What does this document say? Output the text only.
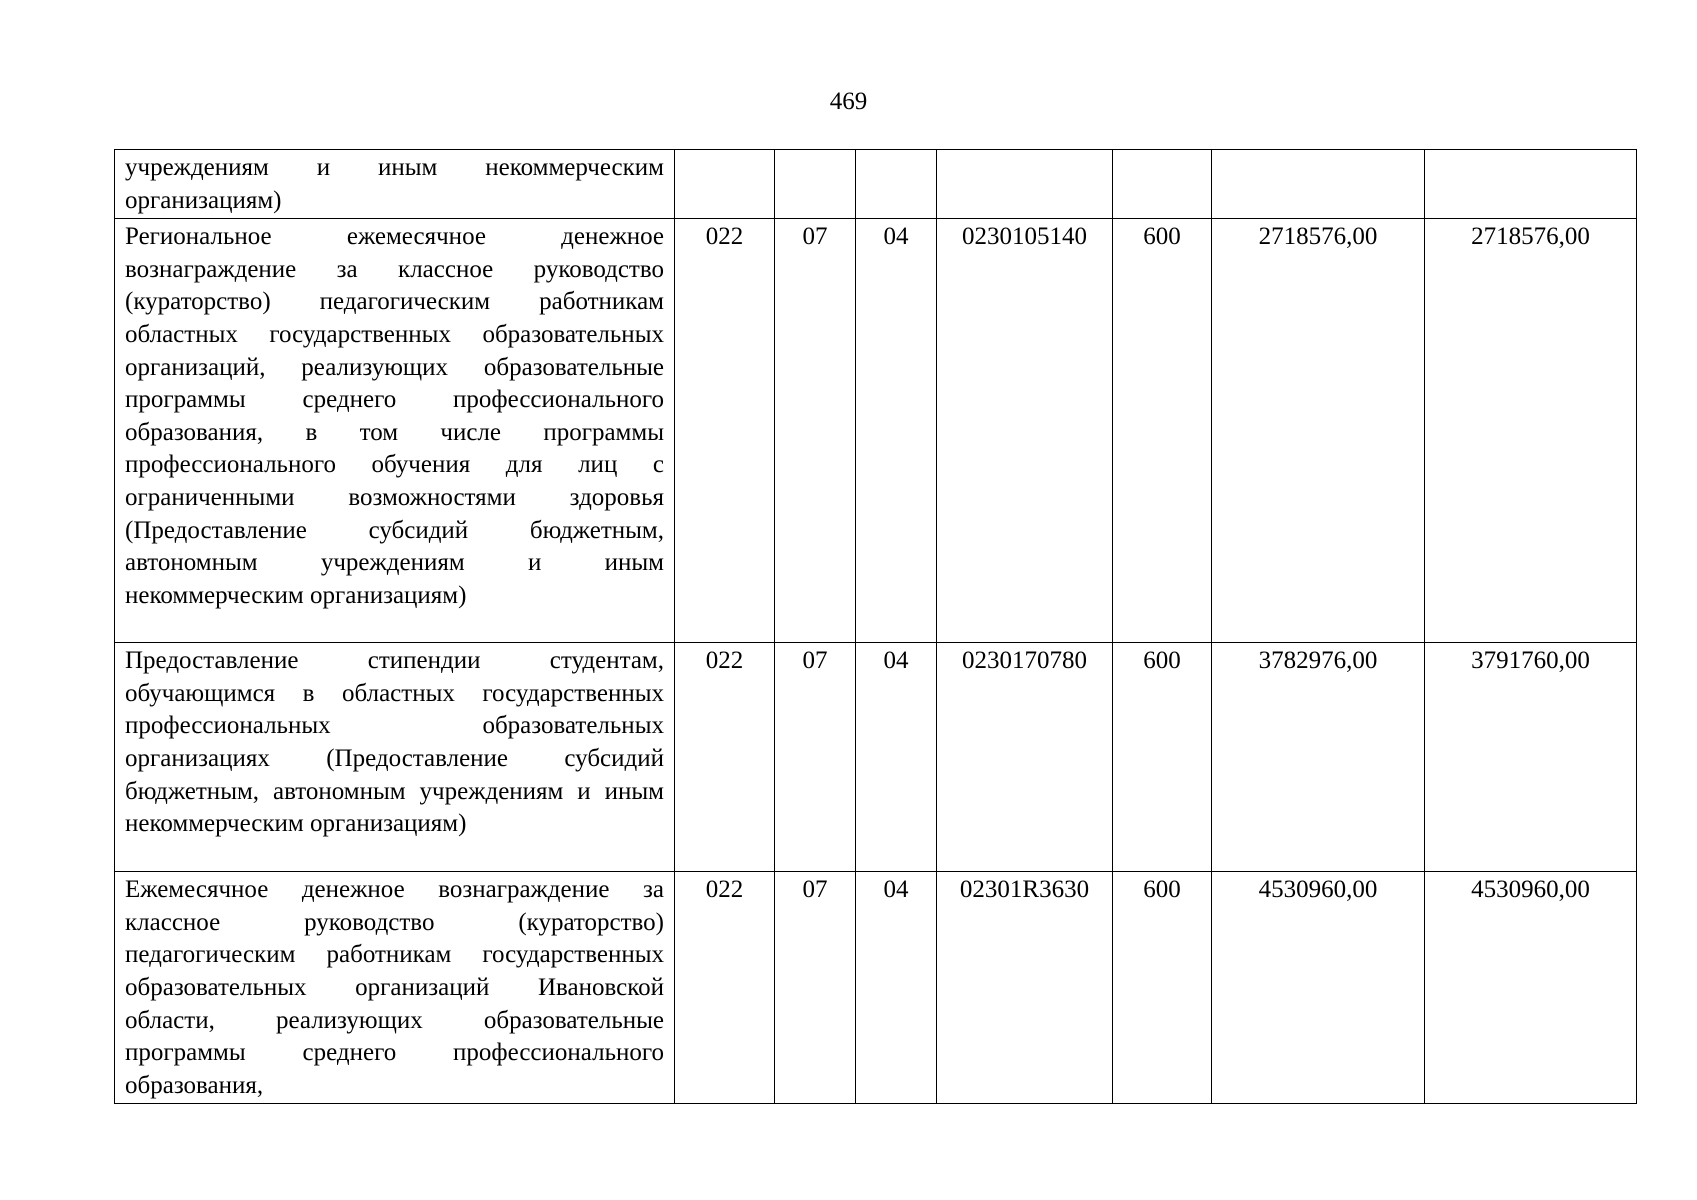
469
учреждениям и иным некоммерческим организациям)							
Региональное ежемесячное денежное вознаграждение за классное руководство (кураторство) педагогическим работникам областных государственных образовательных организаций, реализующих образовательные программы среднего профессионального образования, в том числе программы профессионального обучения для лиц с ограниченными возможностями здоровья (Предоставление субсидий бюджетным, автономным учреждениям и иным некоммерческим организациям)	022	07	04	0230105140	600	2718576,00	2718576,00
Предоставление стипендии студентам, обучающимся в областных государственных профессиональных образовательных организациях (Предоставление субсидий бюджетным, автономным учреждениям и иным некоммерческим организациям)	022	07	04	0230170780	600	3782976,00	3791760,00
Ежемесячное денежное вознаграждение за классное руководство (кураторство) педагогическим работникам государственных образовательных организаций Ивановской области, реализующих образовательные программы среднего профессионального образования,	022	07	04	02301R3630	600	4530960,00	4530960,00
